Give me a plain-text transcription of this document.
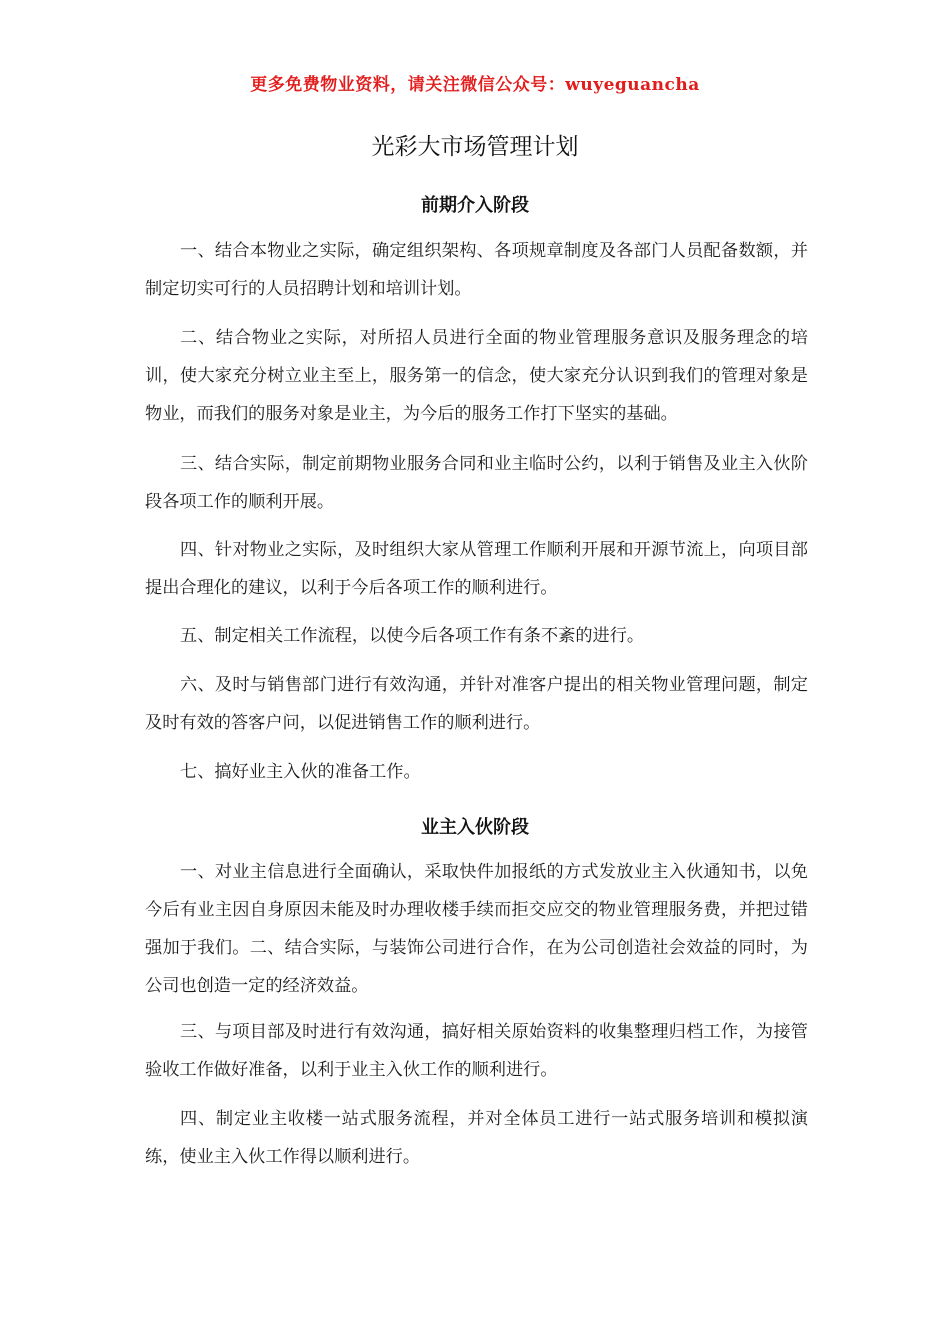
更多免费物业资料，请关注微信公众号：wuyeguancha
光彩大市场管理计划
前期介入阶段

一、结合本物业之实际，确定组织架构、各项规章制度及各部门人员配备数额，并制定切实可行的人员招聘计划和培训计划。

二、结合物业之实际，对所招人员进行全面的物业管理服务意识及服务理念的培训，使大家充分树立业主至上，服务第一的信念，使大家充分认识到我们的管理对象是物业，而我们的服务对象是业主，为今后的服务工作打下坚实的基础。

三、结合实际，制定前期物业服务合同和业主临时公约，以利于销售及业主入伙阶段各项工作的顺利开展。

四、针对物业之实际，及时组织大家从管理工作顺利开展和开源节流上，向项目部提出合理化的建议，以利于今后各项工作的顺利进行。

五、制定相关工作流程，以使今后各项工作有条不紊的进行。

六、及时与销售部门进行有效沟通，并针对准客户提出的相关物业管理问题，制定及时有效的答客户问，以促进销售工作的顺利进行。

七、搞好业主入伙的准备工作。

业主入伙阶段

一、对业主信息进行全面确认，采取快件加报纸的方式发放业主入伙通知书，以免今后有业主因自身原因未能及时办理收楼手续而拒交应交的物业管理服务费，并把过错强加于我们。二、结合实际，与装饰公司进行合作，在为公司创造社会效益的同时，为公司也创造一定的经济效益。

三、与项目部及时进行有效沟通，搞好相关原始资料的收集整理归档工作，为接管验收工作做好准备，以利于业主入伙工作的顺利进行。

四、制定业主收楼一站式服务流程，并对全体员工进行一站式服务培训和模拟演练，使业主入伙工作得以顺利进行。
